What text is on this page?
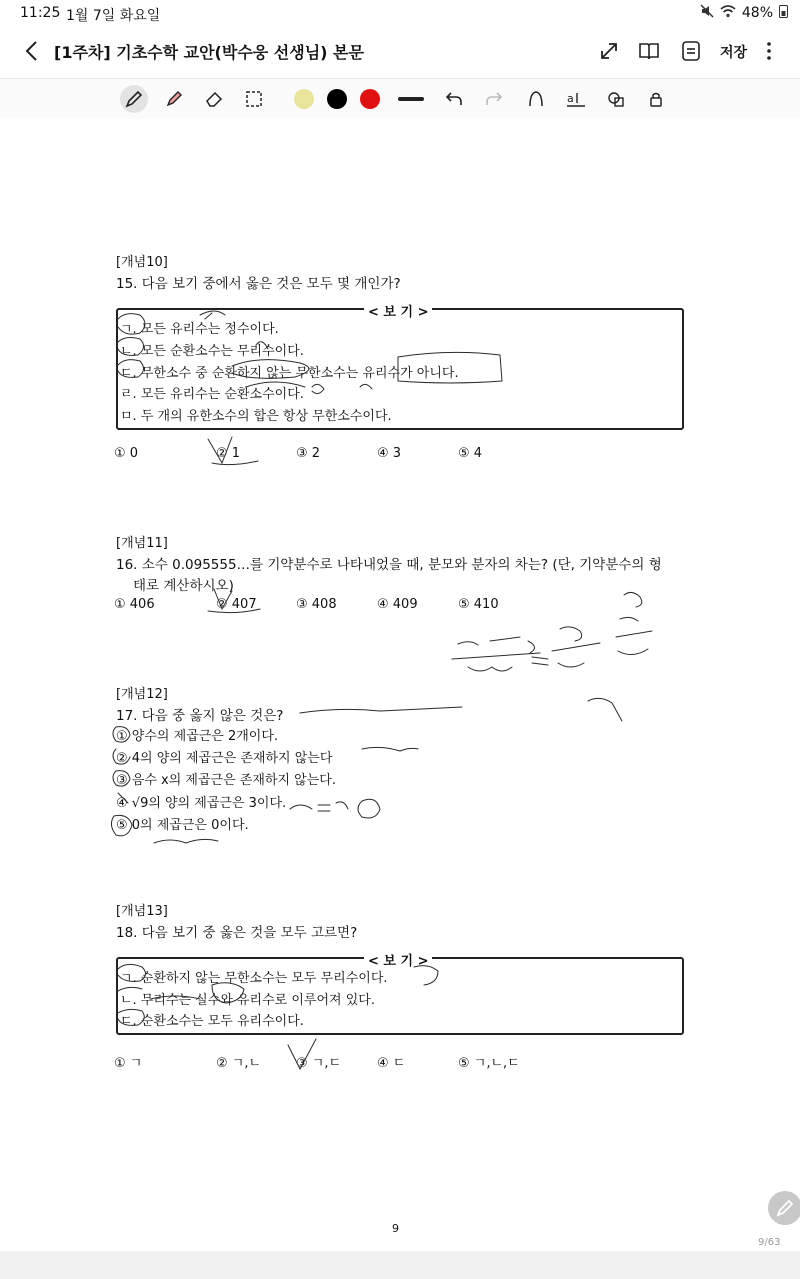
11:25 1월 7일 화요일	48%
[1주차] 기초수학 교안(박수웅 선생님) 본문	저장
a
[개념10]
15. 다음 보기 중에서 옳은 것은 모두 몇 개인가?
< 보 기 >
ㄱ. 모든 유리수는 정수이다.
ㄴ. 모든 순환소수는 무리수이다.
ㄷ. 무한소수 중 순환하지 않는 무한소수는 유리수가 아니다.
ㄹ. 모든 유리수는 순환소수이다.
ㅁ. 두 개의 유한소수의 합은 항상 무한소수이다.
① 0	② 1	③ 2	④ 3	⑤ 4
[개념11]
16. 소수 0.095555…를 기약분수로 나타내었을 때, 분모와 분자의 차는? (단, 기약분수의 형
태로 계산하시오)
① 406	② 407	③ 408	④ 409	⑤ 410
[개념12]
17. 다음 중 옳지 않은 것은?
① 양수의 제곱근은 2개이다.
② 4의 양의 제곱근은 존재하지 않는다
③ 음수 x의 제곱근은 존재하지 않는다.
④ √9의 양의 제곱근은 3이다.
⑤ 0의 제곱근은 0이다.
[개념13]
18. 다음 보기 중 옳은 것을 모두 고르면?
< 보 기 >
ㄱ. 순환하지 않는 무한소수는 모두 무리수이다.
ㄴ. 무리수는 실수와 유리수로 이루어져 있다.
ㄷ. 순환소수는 모두 유리수이다.
① ㄱ	② ㄱ,ㄴ	③ ㄱ,ㄷ	④ ㄷ	⑤ ㄱ,ㄴ,ㄷ
9
9/63
